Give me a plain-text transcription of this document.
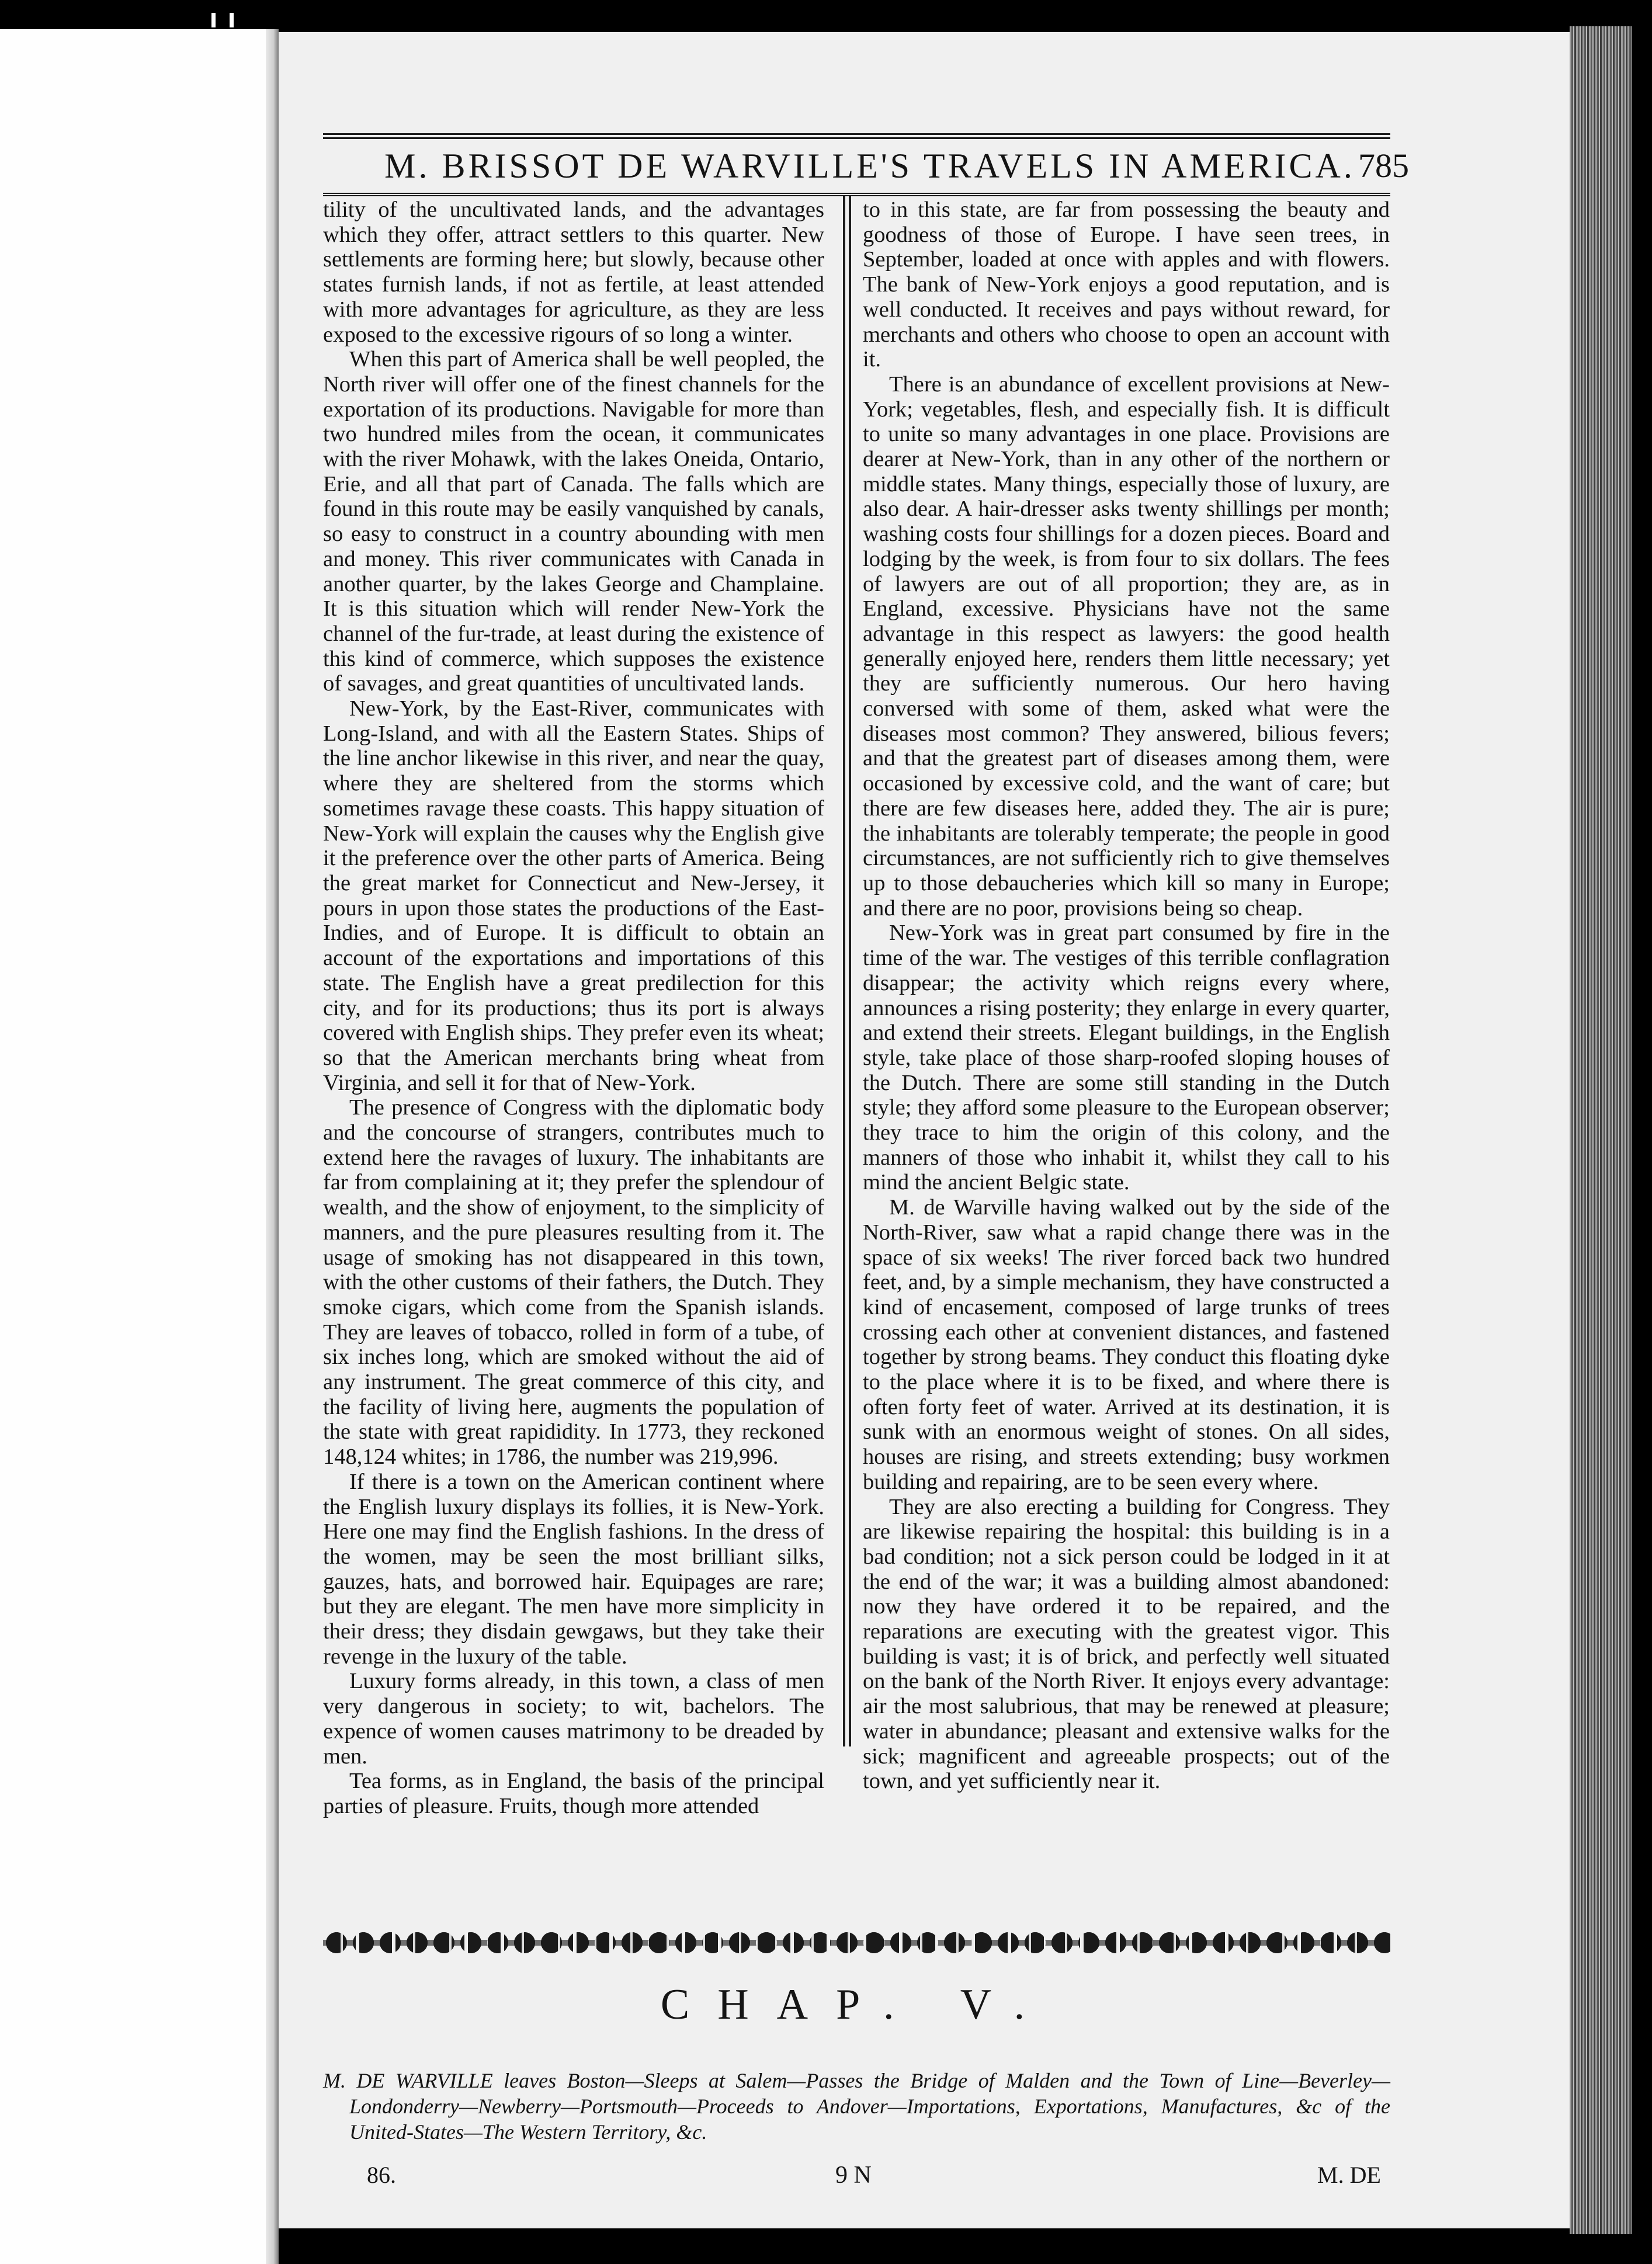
M. BRISSOT DE WARVILLE'S TRAVELS IN AMERICA. 785

tility of the uncultivated lands, and the advantages which they offer, attract settlers to this quarter. New settlements are forming here; but slowly, because other states furnish lands, if not as fertile, at least attended with more advantages for agriculture, as they are less exposed to the excessive rigours of so long a winter.

When this part of America shall be well peopled, the North river will offer one of the finest channels for the exportation of its productions. Navigable for more than two hundred miles from the ocean, it communicates with the river Mohawk, with the lakes Oneida, Ontario, Erie, and all that part of Canada. The falls which are found in this route may be easily vanquished by canals, so easy to construct in a country abounding with men and money. This river communicates with Canada in another quarter, by the lakes George and Champlaine. It is this situation which will render New-York the channel of the fur-trade, at least during the existence of this kind of commerce, which supposes the existence of savages, and great quantities of uncultivated lands.

New-York, by the East-River, communicates with Long-Island, and with all the Eastern States. Ships of the line anchor likewise in this river, and near the quay, where they are sheltered from the storms which sometimes ravage these coasts. This happy situation of New-York will explain the causes why the English give it the preference over the other parts of America. Being the great market for Connecticut and New-Jersey, it pours in upon those states the productions of the East-Indies, and of Europe. It is difficult to obtain an account of the exportations and importations of this state. The English have a great predilection for this city, and for its productions; thus its port is always covered with English ships. They prefer even its wheat; so that the American merchants bring wheat from Virginia, and sell it for that of New-York.

The presence of Congress with the diplomatic body and the concourse of strangers, contributes much to extend here the ravages of luxury. The inhabitants are far from complaining at it; they prefer the splendour of wealth, and the show of enjoyment, to the simplicity of manners, and the pure pleasures resulting from it. The usage of smoking has not disappeared in this town, with the other customs of their fathers, the Dutch. They smoke cigars, which come from the Spanish islands. They are leaves of tobacco, rolled in form of a tube, of six inches long, which are smoked without the aid of any instrument. The great commerce of this city, and the facility of living here, augments the population of the state with great rapididity. In 1773, they reckoned 148,124 whites; in 1786, the number was 219,996.

If there is a town on the American continent where the English luxury displays its follies, it is New-York. Here one may find the English fashions. In the dress of the women, may be seen the most brilliant silks, gauzes, hats, and borrowed hair. Equipages are rare; but they are elegant. The men have more simplicity in their dress; they disdain gewgaws, but they take their revenge in the luxury of the table.

Luxury forms already, in this town, a class of men very dangerous in society; to wit, bachelors. The expence of women causes matrimony to be dreaded by men.

Tea forms, as in England, the basis of the principal parties of pleasure. Fruits, though more attended

to in this state, are far from possessing the beauty and goodness of those of Europe. I have seen trees, in September, loaded at once with apples and with flowers. The bank of New-York enjoys a good reputation, and is well conducted. It receives and pays without reward, for merchants and others who choose to open an account with it.

There is an abundance of excellent provisions at New-York; vegetables, flesh, and especially fish. It is difficult to unite so many advantages in one place. Provisions are dearer at New-York, than in any other of the northern or middle states. Many things, especially those of luxury, are also dear. A hair-dresser asks twenty shillings per month; washing costs four shillings for a dozen pieces. Board and lodging by the week, is from four to six dollars. The fees of lawyers are out of all proportion; they are, as in England, excessive. Physicians have not the same advantage in this respect as lawyers: the good health generally enjoyed here, renders them little necessary; yet they are sufficiently numerous. Our hero having conversed with some of them, asked what were the diseases most common? They answered, bilious fevers; and that the greatest part of diseases among them, were occasioned by excessive cold, and the want of care; but there are few diseases here, added they. The air is pure; the inhabitants are tolerably temperate; the people in good circumstances, are not sufficiently rich to give themselves up to those debaucheries which kill so many in Europe; and there are no poor, provisions being so cheap.

New-York was in great part consumed by fire in the time of the war. The vestiges of this terrible conflagration disappear; the activity which reigns every where, announces a rising posterity; they enlarge in every quarter, and extend their streets. Elegant buildings, in the English style, take place of those sharp-roofed sloping houses of the Dutch. There are some still standing in the Dutch style; they afford some pleasure to the European observer; they trace to him the origin of this colony, and the manners of those who inhabit it, whilst they call to his mind the ancient Belgic state.

M. de Warville having walked out by the side of the North-River, saw what a rapid change there was in the space of six weeks! The river forced back two hundred feet, and, by a simple mechanism, they have constructed a kind of encasement, composed of large trunks of trees crossing each other at convenient distances, and fastened together by strong beams. They conduct this floating dyke to the place where it is to be fixed, and where there is often forty feet of water. Arrived at its destination, it is sunk with an enormous weight of stones. On all sides, houses are rising, and streets extending; busy workmen building and repairing, are to be seen every where.

They are also erecting a building for Congress. They are likewise repairing the hospital: this building is in a bad condition; not a sick person could be lodged in it at the end of the war; it was a building almost abandoned: now they have ordered it to be repaired, and the reparations are executing with the greatest vigor. This building is vast; it is of brick, and perfectly well situated on the bank of the North River. It enjoys every advantage: air the most salubrious, that may be renewed at pleasure; water in abundance; pleasant and extensive walks for the sick; magnificent and agreeable prospects; out of the town, and yet sufficiently near it.

CHAP. V.
M. DE WARVILLE leaves Boston—Sleeps at Salem—Passes the Bridge of Malden and the Town of Line—Beverley—Londonderry—Newberry—Portsmouth—Proceeds to Andover—Importations, Exportations, Manufactures, &c of the United-States—The Western Territory, &c.
86.	9 N	M. DE
